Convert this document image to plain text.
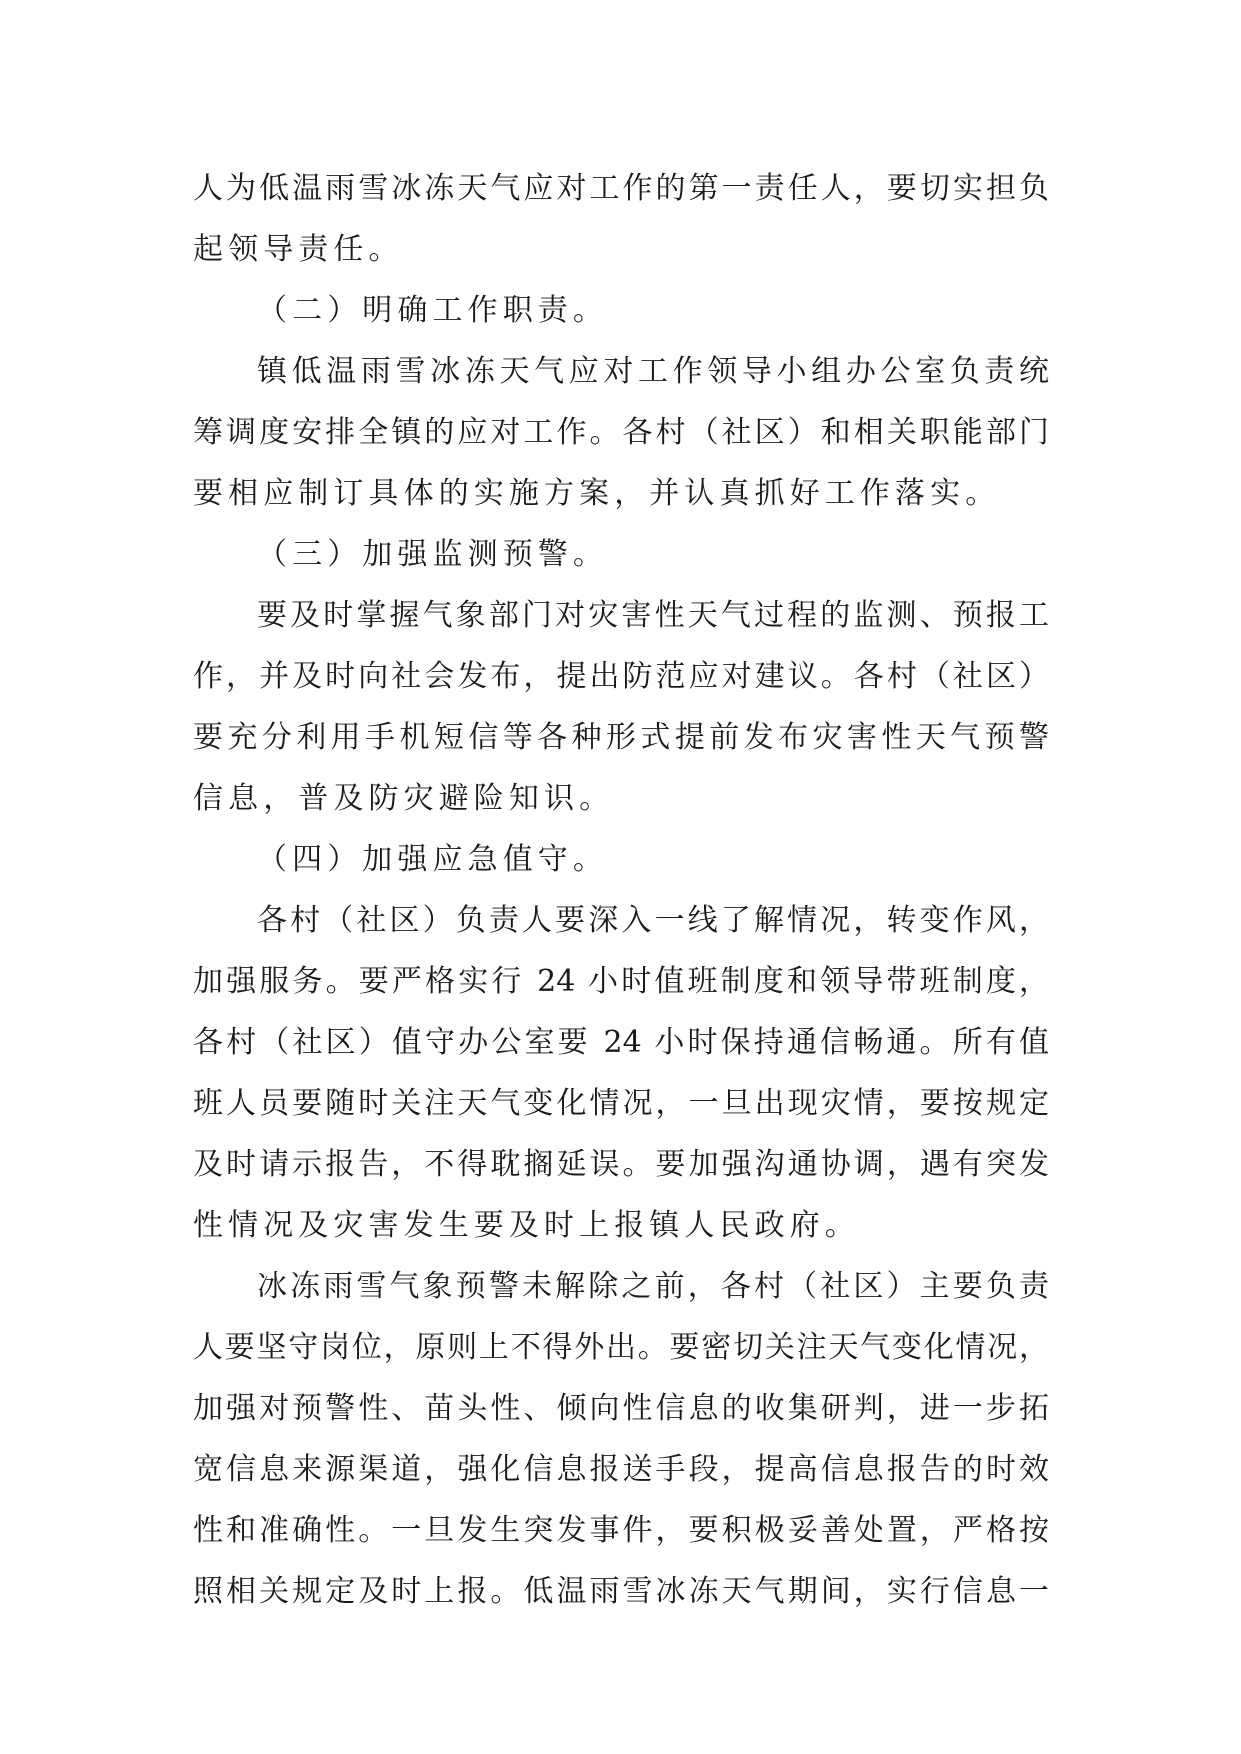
人为低温雨雪冰冻天气应对工作的第一责任人，要切实担负
起领导责任。
（二）明确工作职责。
镇低温雨雪冰冻天气应对工作领导小组办公室负责统
筹调度安排全镇的应对工作。各村（社区）和相关职能部门
要相应制订具体的实施方案，并认真抓好工作落实。
（三）加强监测预警。
要及时掌握气象部门对灾害性天气过程的监测、预报工
作，并及时向社会发布，提出防范应对建议。各村（社区）
要充分利用手机短信等各种形式提前发布灾害性天气预警
信息，普及防灾避险知识。
（四）加强应急值守。
各村（社区）负责人要深入一线了解情况，转变作风，
加强服务。要严格实行 24 小时值班制度和领导带班制度，
各村（社区）值守办公室要 24 小时保持通信畅通。所有值
班人员要随时关注天气变化情况，一旦出现灾情，要按规定
及时请示报告，不得耽搁延误。要加强沟通协调，遇有突发
性情况及灾害发生要及时上报镇人民政府。
冰冻雨雪气象预警未解除之前，各村（社区）主要负责
人要坚守岗位，原则上不得外出。要密切关注天气变化情况，
加强对预警性、苗头性、倾向性信息的收集研判，进一步拓
宽信息来源渠道，强化信息报送手段，提高信息报告的时效
性和准确性。一旦发生突发事件，要积极妥善处置，严格按
照相关规定及时上报。低温雨雪冰冻天气期间，实行信息一
